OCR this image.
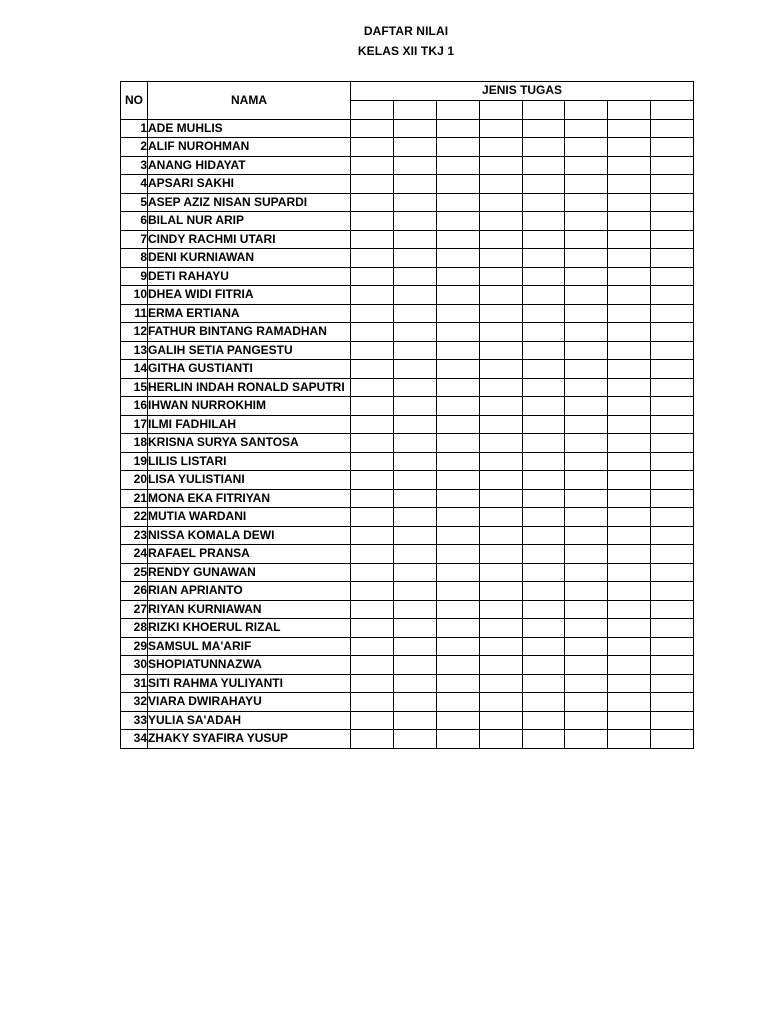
DAFTAR NILAI
KELAS XII TKJ 1
NO	NAMA	JENIS TUGAS							

1	ADE MUHLIS								
2	ALIF NUROHMAN								
3	ANANG HIDAYAT								
4	APSARI SAKHI								
5	ASEP AZIZ NISAN SUPARDI								
6	BILAL NUR ARIP								
7	CINDY RACHMI UTARI								
8	DENI KURNIAWAN								
9	DETI RAHAYU								
10	DHEA WIDI FITRIA								
11	ERMA ERTIANA								
12	FATHUR BINTANG RAMADHAN								
13	GALIH SETIA PANGESTU								
14	GITHA GUSTIANTI								
15	HERLIN INDAH RONALD SAPUTRI								
16	IHWAN NURROKHIM								
17	ILMI FADHILAH								
18	KRISNA SURYA SANTOSA								
19	LILIS LISTARI								
20	LISA YULISTIANI								
21	MONA EKA FITRIYAN								
22	MUTIA WARDANI								
23	NISSA KOMALA DEWI								
24	RAFAEL PRANSA								
25	RENDY GUNAWAN								
26	RIAN APRIANTO								
27	RIYAN KURNIAWAN								
28	RIZKI KHOERUL RIZAL								
29	SAMSUL MA'ARIF								
30	SHOPIATUNNAZWA								
31	SITI RAHMA YULIYANTI								
32	VIARA DWIRAHAYU								
33	YULIA SA'ADAH								
34	ZHAKY SYAFIRA YUSUP								
